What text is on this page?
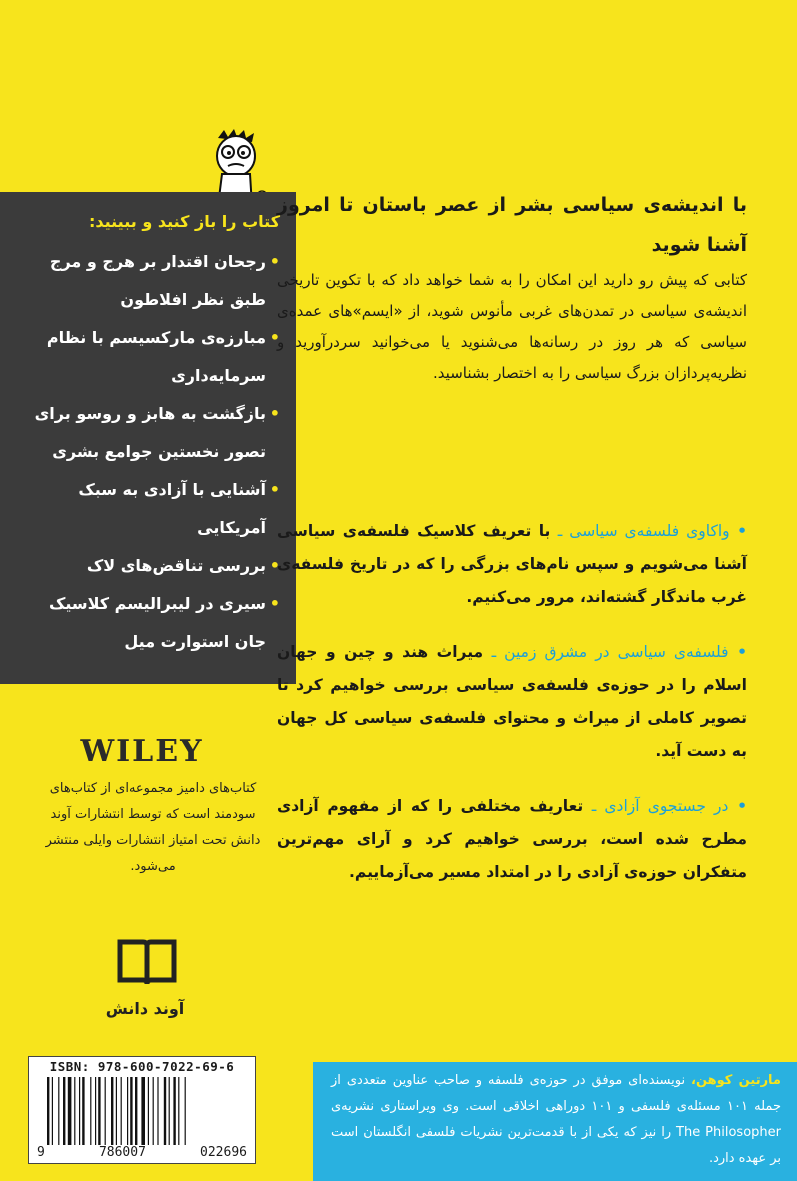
کتاب را باز کنید و ببینید:
•
رجحان اقتدار بر هرج و مرج طبق نظر افلاطون
•
مبارزه‌ی مارکسیسم با نظام سرمایه‌داری
•
بازگشت به هابز و روسو برای تصور نخستین جوامع بشری
•
آشنایی با آزادی به سبک آمریکایی
•
بررسی تناقض‌های لاک
•
سیری در لیبرالیسم کلاسیک جان استوارت میل
با اندیشه‌ی سیاسی بشر از عصر باستان تا امروز آشنا شوید
کتابی که پیش رو دارید این امکان را به شما خواهد داد که با تکوین تاریخی اندیشه‌ی سیاسی در تمدن‌های غربی مأنوس شوید، از «ایسم»های عمده‌ی سیاسی که هر روز در رسانه‌ها می‌شنوید یا می‌خوانید سردرآورید و نظریه‌پردازان بزرگ سیاسی را به اختصار بشناسید.

• واکاوی فلسفه‌ی سیاسی ـ با تعریف کلاسیک فلسفه‌ی سیاسی آشنا می‌شویم و سپس نام‌های بزرگی را که در تاریخ فلسفه‌ی غرب ماندگار گشته‌اند، مرور می‌کنیم.

• فلسفه‌ی سیاسی در مشرق زمین ـ میراث هند و چین و جهان اسلام را در حوزه‌ی فلسفه‌ی سیاسی بررسی خواهیم کرد تا تصویر کاملی از میراث و محتوای فلسفه‌ی سیاسی کل جهان به دست آید.

• در جستجوی آزادی ـ تعاریف مختلفی را که از مفهوم آزادی مطرح شده است، بررسی خواهیم کرد و آرای مهم‌ترین متفکران حوزه‌ی آزادی را در امتداد مسیر می‌آزماییم.

WILEY
کتاب‌های دامیز مجموعه‌ای از کتاب‌های سودمند است که توسط انتشارات آوند دانش تحت امتیاز انتشارات وایلی منتشر می‌شود.
آوند دانش
ISBN: 978-600-7022-69-6
9	786007	022696
مارتین کوهن، نویسنده‌ای موفق در حوزه‌ی فلسفه و صاحب عناوین متعددی از جمله ۱۰۱ مسئله‌ی فلسفی و ۱۰۱ دوراهی اخلاقی است. وی ویراستاری نشریه‌ی The Philosopher را نیز که یکی از با قدمت‌ترین نشریات فلسفی انگلستان است بر عهده دارد.
